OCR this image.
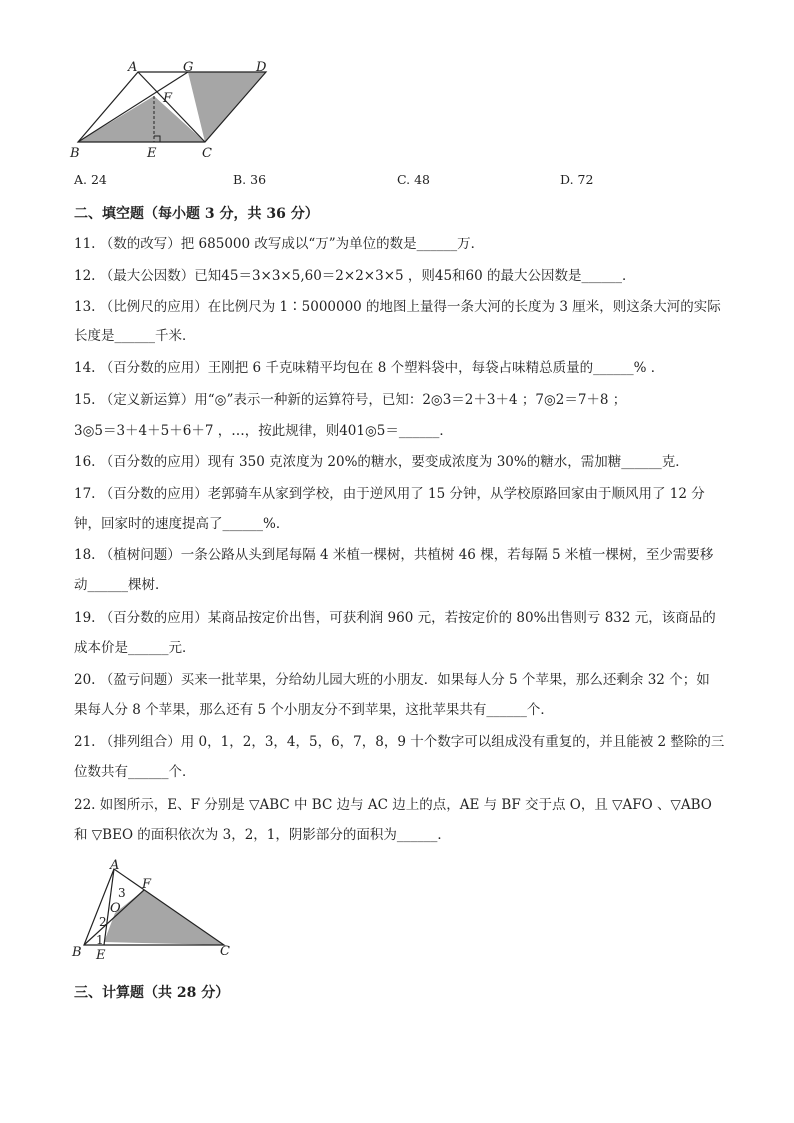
A	G	D
F
B	E	C
A. 24	B. 36	C. 48	D. 72
二、填空题（每小题 3 分，共 36 分）
11. （数的改写）把 685000 改写成以“万”为单位的数是______万．
12. （最大公因数）已知45＝3×3×5,60＝2×2×3×5 ，则45和60 的最大公因数是______．
13. （比例尺的应用）在比例尺为 1∶5000000 的地图上量得一条大河的长度为 3 厘米，则这条大河的实际
长度是______千米．
14. （百分数的应用）王刚把 6 千克味精平均包在 8 个塑料袋中，每袋占味精总质量的______% ．
15. （定义新运算）用“◎”表示一种新的运算符号，已知：2◎3＝2＋3＋4 ；7◎2＝7＋8 ；
3◎5＝3＋4＋5＋6＋7 ，…，按此规律，则401◎5＝______．
16. （百分数的应用）现有 350 克浓度为 20%的糖水，要变成浓度为 30%的糖水，需加糖______克．
17. （百分数的应用）老郭骑车从家到学校，由于逆风用了 15 分钟，从学校原路回家由于顺风用了 12 分
钟，回家时的速度提高了______%．
18. （植树问题）一条公路从头到尾每隔 4 米植一棵树，共植树 46 棵，若每隔 5 米植一棵树，至少需要移
动______棵树．
19. （百分数的应用）某商品按定价出售，可获利润 960 元，若按定价的 80%出售则亏 832 元，该商品的
成本价是______元．
20. （盈亏问题）买来一批苹果，分给幼儿园大班的小朋友．如果每人分 5 个苹果，那么还剩余 32 个；如
果每人分 8 个苹果，那么还有 5 个小朋友分不到苹果，这批苹果共有______个．
21. （排列组合）用 0，1，2，3，4，5，6，7，8，9 十个数字可以组成没有重复的，并且能被 2 整除的三
位数共有______个．
22. 如图所示，E、F 分别是 ▽ABC 中 BC 边与 AC 边上的点，AE 与 BF 交于点 O，且 ▽AFO 、▽ABO
和 ▽BEO 的面积依次为 3，2，1，阴影部分的面积为______．
A
F
O
3
2
1
B E	C
三、计算题（共 28 分）
